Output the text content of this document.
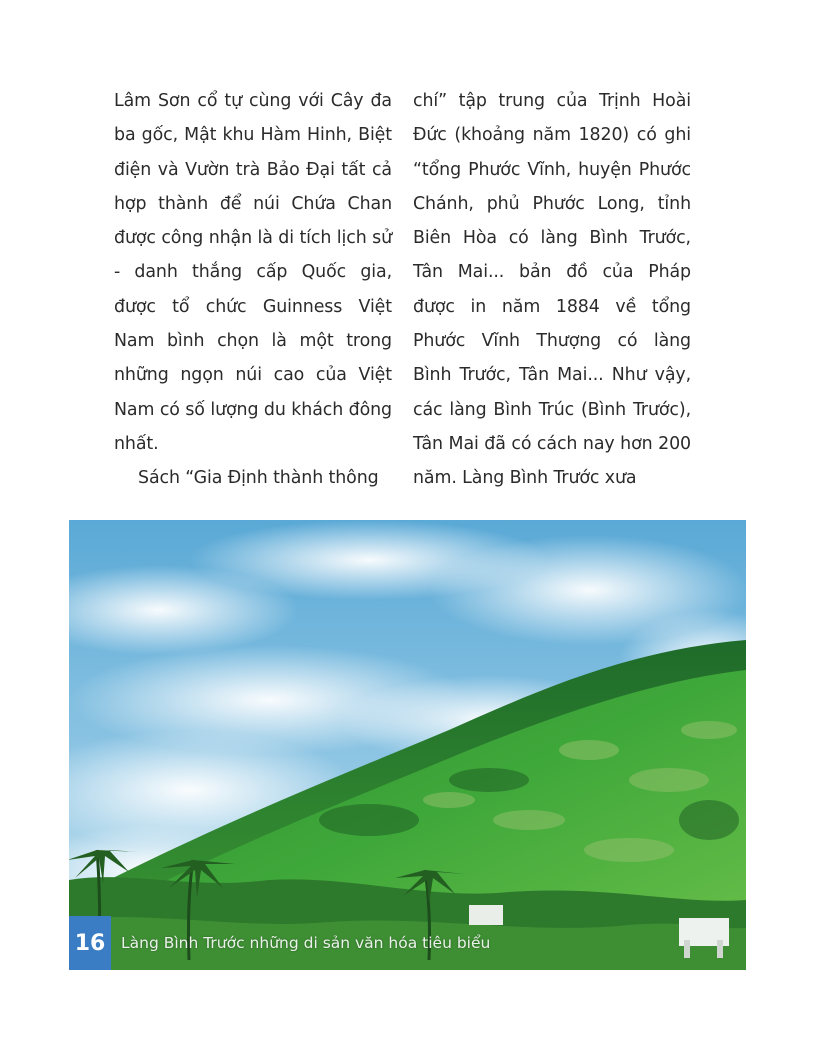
Lâm Sơn cổ tự cùng với Cây đa ba gốc, Mật khu Hàm Hinh, Biệt điện và Vườn trà Bảo Đại tất cả hợp thành để núi Chứa Chan được công nhận là di tích lịch sử - danh thắng cấp Quốc gia, được tổ chức Guinness Việt Nam bình chọn là một trong những ngọn núi cao của Việt Nam có số lượng du khách đông nhất.

Sách “Gia Định thành thông

chí” tập trung của Trịnh Hoài Đức (khoảng năm 1820) có ghi “tổng Phước Vĩnh, huyện Phước Chánh, phủ Phước Long, tỉnh Biên Hòa có làng Bình Trước, Tân Mai... bản đồ của Pháp được in năm 1884 về tổng Phước Vĩnh Thượng có làng Bình Trước, Tân Mai... Như vậy, các làng Bình Trúc (Bình Trước), Tân Mai đã có cách nay hơn 200 năm. Làng Bình Trước xưa

16	Làng Bình Trước những di sản văn hóa tiêu biểu
